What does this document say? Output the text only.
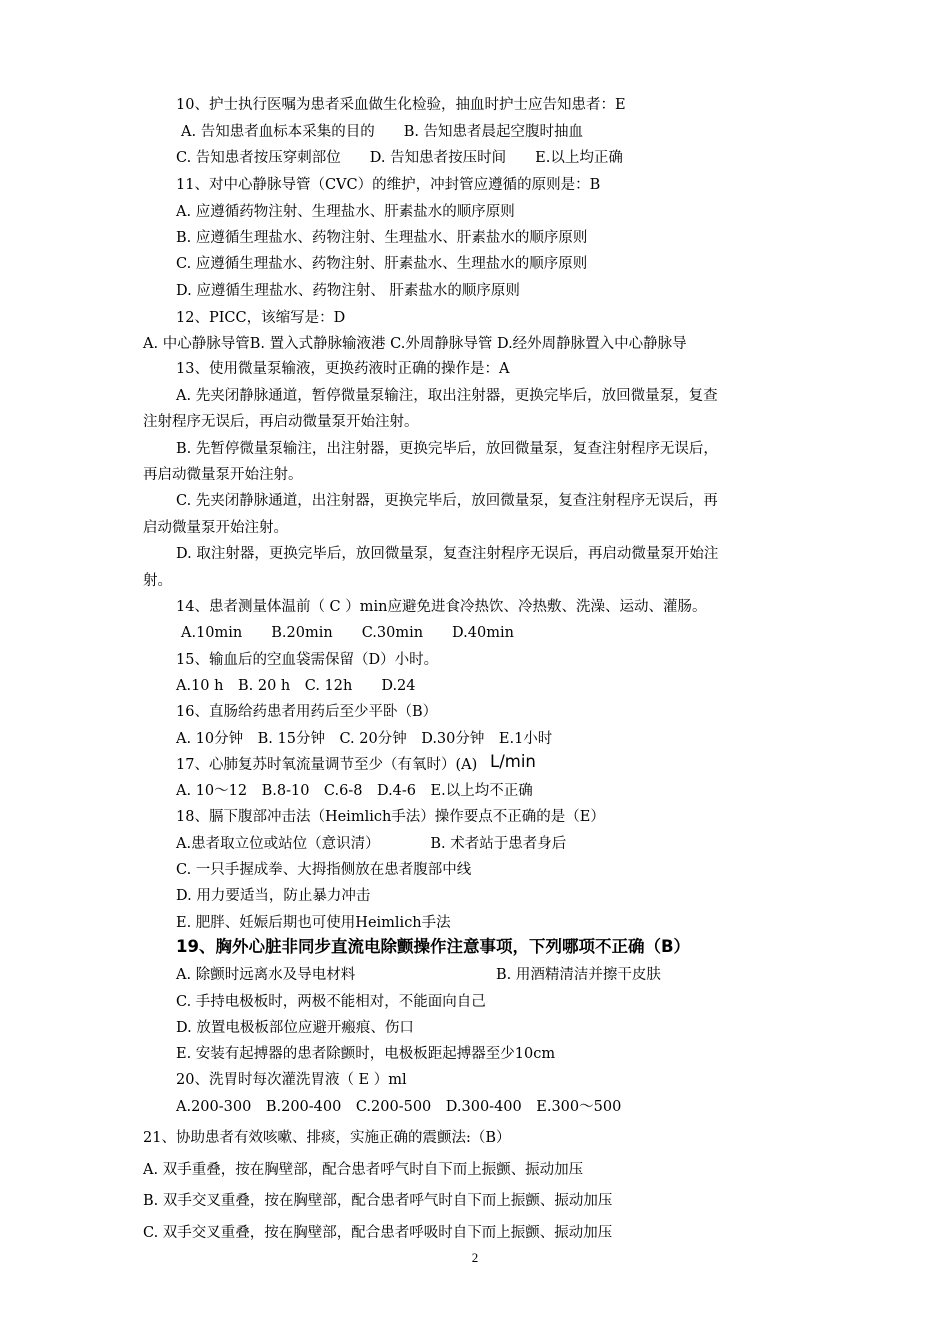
10、护士执行医嘱为患者采血做生化检验，抽血时护士应告知患者：E
A. 告知患者血标本采集的目的　　B. 告知患者晨起空腹时抽血
C. 告知患者按压穿刺部位　　D. 告知患者按压时间　　E.以上均正确
11、对中心静脉导管（CVC）的维护，冲封管应遵循的原则是：B
A. 应遵循药物注射、生理盐水、肝素盐水的顺序原则
B. 应遵循生理盐水、药物注射、生理盐水、肝素盐水的顺序原则
C. 应遵循生理盐水、药物注射、肝素盐水、生理盐水的顺序原则
D. 应遵循生理盐水、药物注射、 肝素盐水的顺序原则
12、PICC，该缩写是：D
A. 中心静脉导管B. 置入式静脉输液港 C.外周静脉导管 D.经外周静脉置入中心静脉导
13、使用微量泵输液，更换药液时正确的操作是：A
A. 先夹闭静脉通道，暂停微量泵输注，取出注射器，更换完毕后，放回微量泵，复查
注射程序无误后，再启动微量泵开始注射。
B. 先暂停微量泵输注，出注射器，更换完毕后，放回微量泵，复查注射程序无误后，
再启动微量泵开始注射。
C. 先夹闭静脉通道，出注射器，更换完毕后，放回微量泵，复查注射程序无误后，再
启动微量泵开始注射。
D. 取注射器，更换完毕后，放回微量泵，复查注射程序无误后，再启动微量泵开始注
射。
14、患者测量体温前（ C ）min应避免进食冷热饮、冷热敷、洗澡、运动、灌肠。
A.10min　　B.20min　　C.30min　　D.40min
15、输血后的空血袋需保留（D）小时。
A.10 h　B. 20 h　C. 12h　　D.24
16、直肠给药患者用药后至少平卧（B）
A. 10分钟　B. 15分钟　C. 20分钟　D.30分钟　E.1小时
17、心肺复苏时氧流量调节至少（有氧时）(A) L/min
A. 10～12　B.8-10　C.6-8　D.4-6　E.以上均不正确
18、膈下腹部冲击法（Heimlich手法）操作要点不正确的是（E）
A.患者取立位或站位（意识清）　　　　B. 术者站于患者身后
C. 一只手握成拳、大拇指侧放在患者腹部中线
D. 用力要适当，防止暴力冲击
E. 肥胖、妊娠后期也可使用Heimlich手法
19、胸外心脏非同步直流电除颤操作注意事项，下列哪项不正确（B）
A. 除颤时远离水及导电材料	B. 用酒精清洁并擦干皮肤
C. 手持电极板时，两极不能相对，不能面向自己
D. 放置电极板部位应避开瘢痕、伤口
E. 安装有起搏器的患者除颤时，电极板距起搏器至少10cm
20、洗胃时每次灌洗胃液（ E ）ml
A.200-300　B.200-400　C.200-500　D.300-400　E.300～500
21、协助患者有效咳嗽、排痰，实施正确的震颤法:（B）
A. 双手重叠，按在胸壁部，配合患者呼气时自下而上振颤、振动加压
B. 双手交叉重叠，按在胸壁部，配合患者呼气时自下而上振颤、振动加压
C. 双手交叉重叠，按在胸壁部，配合患者呼吸时自下而上振颤、振动加压
2
